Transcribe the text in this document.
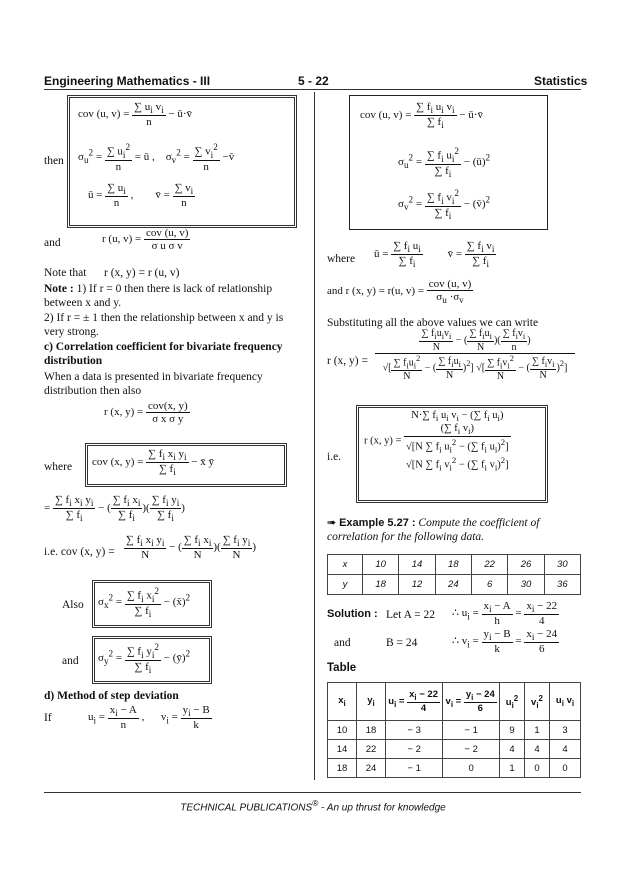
Engineering Mathematics - III	5 - 22	Statistics
cov (u, $v) = \frac{\sum u_i v_i}{n}$ − ū·v̄
then $\sigma_u^2 = \frac{\sum u_i^2}{n}$ = ū ,    $\sigma_v^2 = \frac{\sum v_i^2}{n}$ −v̄
ū = $\frac{\sum u_i}{n}$ ,        v̄ = $\frac{\sum v_i}{n}$
and	r (u, $v) = \frac{\text{cov (u, v)}}{\text{σ u σ v}}$
Note that r (x, y) = r (u, v)
Note : 1) If r = 0 then there is lack of relationship between x and y.
2) If r = ± 1 then the relationship between x and y is very strong.
c) Correlation coefficient for bivariate frequency distribution
When a data is presented in bivariate frequency distribution then also
r (x, $y) = \frac{\text{cov(x, y)}}{\text{σ x σ y}}$
where cov (x, $y) = \frac{\sum f_i x_i y_i}{\sum f_i}$ − x̄ ȳ
= $\frac{\sum f_i x_i y_i}{\sum f_i}$ − ( $\frac{\sum f_i x_i}{\sum f_i}$ )( $\frac{\sum f_i y_i}{\sum f_i}$ )
i.e. cov (x, $y) = \frac{\sum f_i x_i y_i}{N}$ − ( $\frac{\sum f_i x_i}{N}$ )( $\frac{\sum f_i y_i}{N}$ )
Also $\sigma_x^2 = \frac{\sum f_i x_i^2}{\sum f_i}$ − (x̄)$^2$
and $\sigma_y^2 = \frac{\sum f_i y_i^2}{\sum f_i}$ − (ȳ)$^2$
d) Method of step deviation
If	$u_i = \frac{x_i - A}{n}$ ,      $v_i = \frac{y_i - B}{k}$
cov (u, $v) = \frac{\sum f_i u_i v_i}{\sum f_i}$ − ū·v̄
$\sigma_u^2 = \frac{\sum f_i u_i^2}{\sum f_i}$ − (ū)$^2$
$\sigma_v^2 = \frac{\sum f_i v_i^2}{\sum f_i}$ − (v̄)$^2$
where ū = $\frac{\sum f_i u_i}{\sum f_i}$ v̄ = $\frac{\sum f_i v_i}{\sum f_i}$
and r (x, y) = r(u, $v) = \frac{\text{cov (u, v)}}{\sigma_u \cdot\sigma_v}$
Substituting all the above values we can write
r (x, $y) = \frac{\frac{\sum f_iu_iv_i}{N} - ( \frac{\sum f_iu_i}{N} )( \frac{\sum f_iv_i}{n} )}{√[ \frac{\sum f_iu_i^2}{N} - ( \frac{\sum f_iu_i}{N} )^2] √[ \frac{\sum f_iv_i^2}{N} - ( \frac{\sum f_iv_i}{N} )^2]}$
i.e.
r (x, y) =
N·∑ $f_i$ $u_i$ $v_i$ − (∑ $f_i$ $u_i$)
(∑ $f_i$ $v_i$)
√[N ∑ $f_i$ $u_i^2$ − (∑ $f_i$ $u_i)^2$]
√[N ∑ $f_i$ $v_i^2$ − (∑ $f_i$ $v_i)^2$]
➠ Example 5.27 : Compute the coefficient of correlation for the following data.
x	10	14	18	22	26	30
y	18	12	24	6	30	36
Solution : Let A = 22 ∴ $u_i = \frac{x_i - A}{h} = \frac{x_i - 22}{4}$
and	B = 24	∴ $v_i = \frac{y_i - B}{k} = \frac{x_i - 24}{6}$
Table
$x_i$	$y_i$	$u_i = \frac{x_i - 22}{4}$	$v_i = \frac{y_i - 24}{6}$	$u_i^2$	$v_i^2$	$u_i$ $v_i$
10	18	− 3	− 1	9	1	3
14	22	− 2	− 2	4	4	4
18	24	− 1	0	1	0	0
TECHNICAL PUBLICATIONS® - An up thrust for knowledge
